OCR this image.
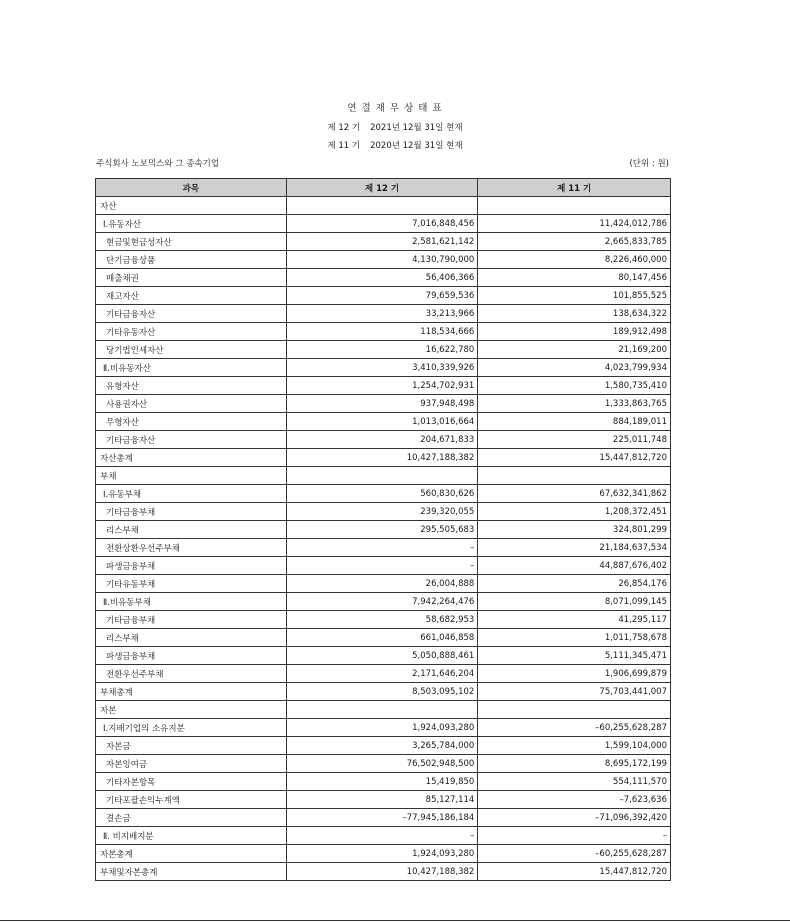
연 결 재 무 상 태 표
제 12 기 2021년 12월 31일 현재
제 11 기 2020년 12월 31일 현재
주식회사 노보믹스와 그 종속기업	(단위 : 원)
과목	제 12 기	제 11 기
자산		
Ⅰ.유동자산	7,016,848,456	11,424,012,786
현금및현금성자산	2,581,621,142	2,665,833,785
단기금융상품	4,130,790,000	8,226,460,000
매출채권	56,406,366	80,147,456
재고자산	79,659,536	101,855,525
기타금융자산	33,213,966	138,634,322
기타유동자산	118,534,666	189,912,498
당기법인세자산	16,622,780	21,169,200
Ⅱ.비유동자산	3,410,339,926	4,023,799,934
유형자산	1,254,702,931	1,580,735,410
사용권자산	937,948,498	1,333,863,765
무형자산	1,013,016,664	884,189,011
기타금융자산	204,671,833	225,011,748
자산총계	10,427,188,382	15,447,812,720
부채		
Ⅰ.유동부채	560,830,626	67,632,341,862
기타금융부채	239,320,055	1,208,372,451
리스부채	295,505,683	324,801,299
전환상환우선주부채	–	21,184,637,534
파생금융부채	–	44,887,676,402
기타유동부채	26,004,888	26,854,176
Ⅱ.비유동부채	7,942,264,476	8,071,099,145
기타금융부채	58,682,953	41,295,117
리스부채	661,046,858	1,011,758,678
파생금융부채	5,050,888,461	5,111,345,471
전환우선주부채	2,171,646,204	1,906,699,879
부채총계	8,503,095,102	75,703,441,007
자본		
Ⅰ.지배기업의 소유지분	1,924,093,280	–60,255,628,287
자본금	3,265,784,000	1,599,104,000
자본잉여금	76,502,948,500	8,695,172,199
기타자본항목	15,419,850	554,111,570
기타포괄손익누계액	85,127,114	–7,623,636
결손금	–77,945,186,184	–71,096,392,420
Ⅱ. 비지배지분	–	–
자본총계	1,924,093,280	–60,255,628,287
부채및자본총계	10,427,188,382	15,447,812,720
